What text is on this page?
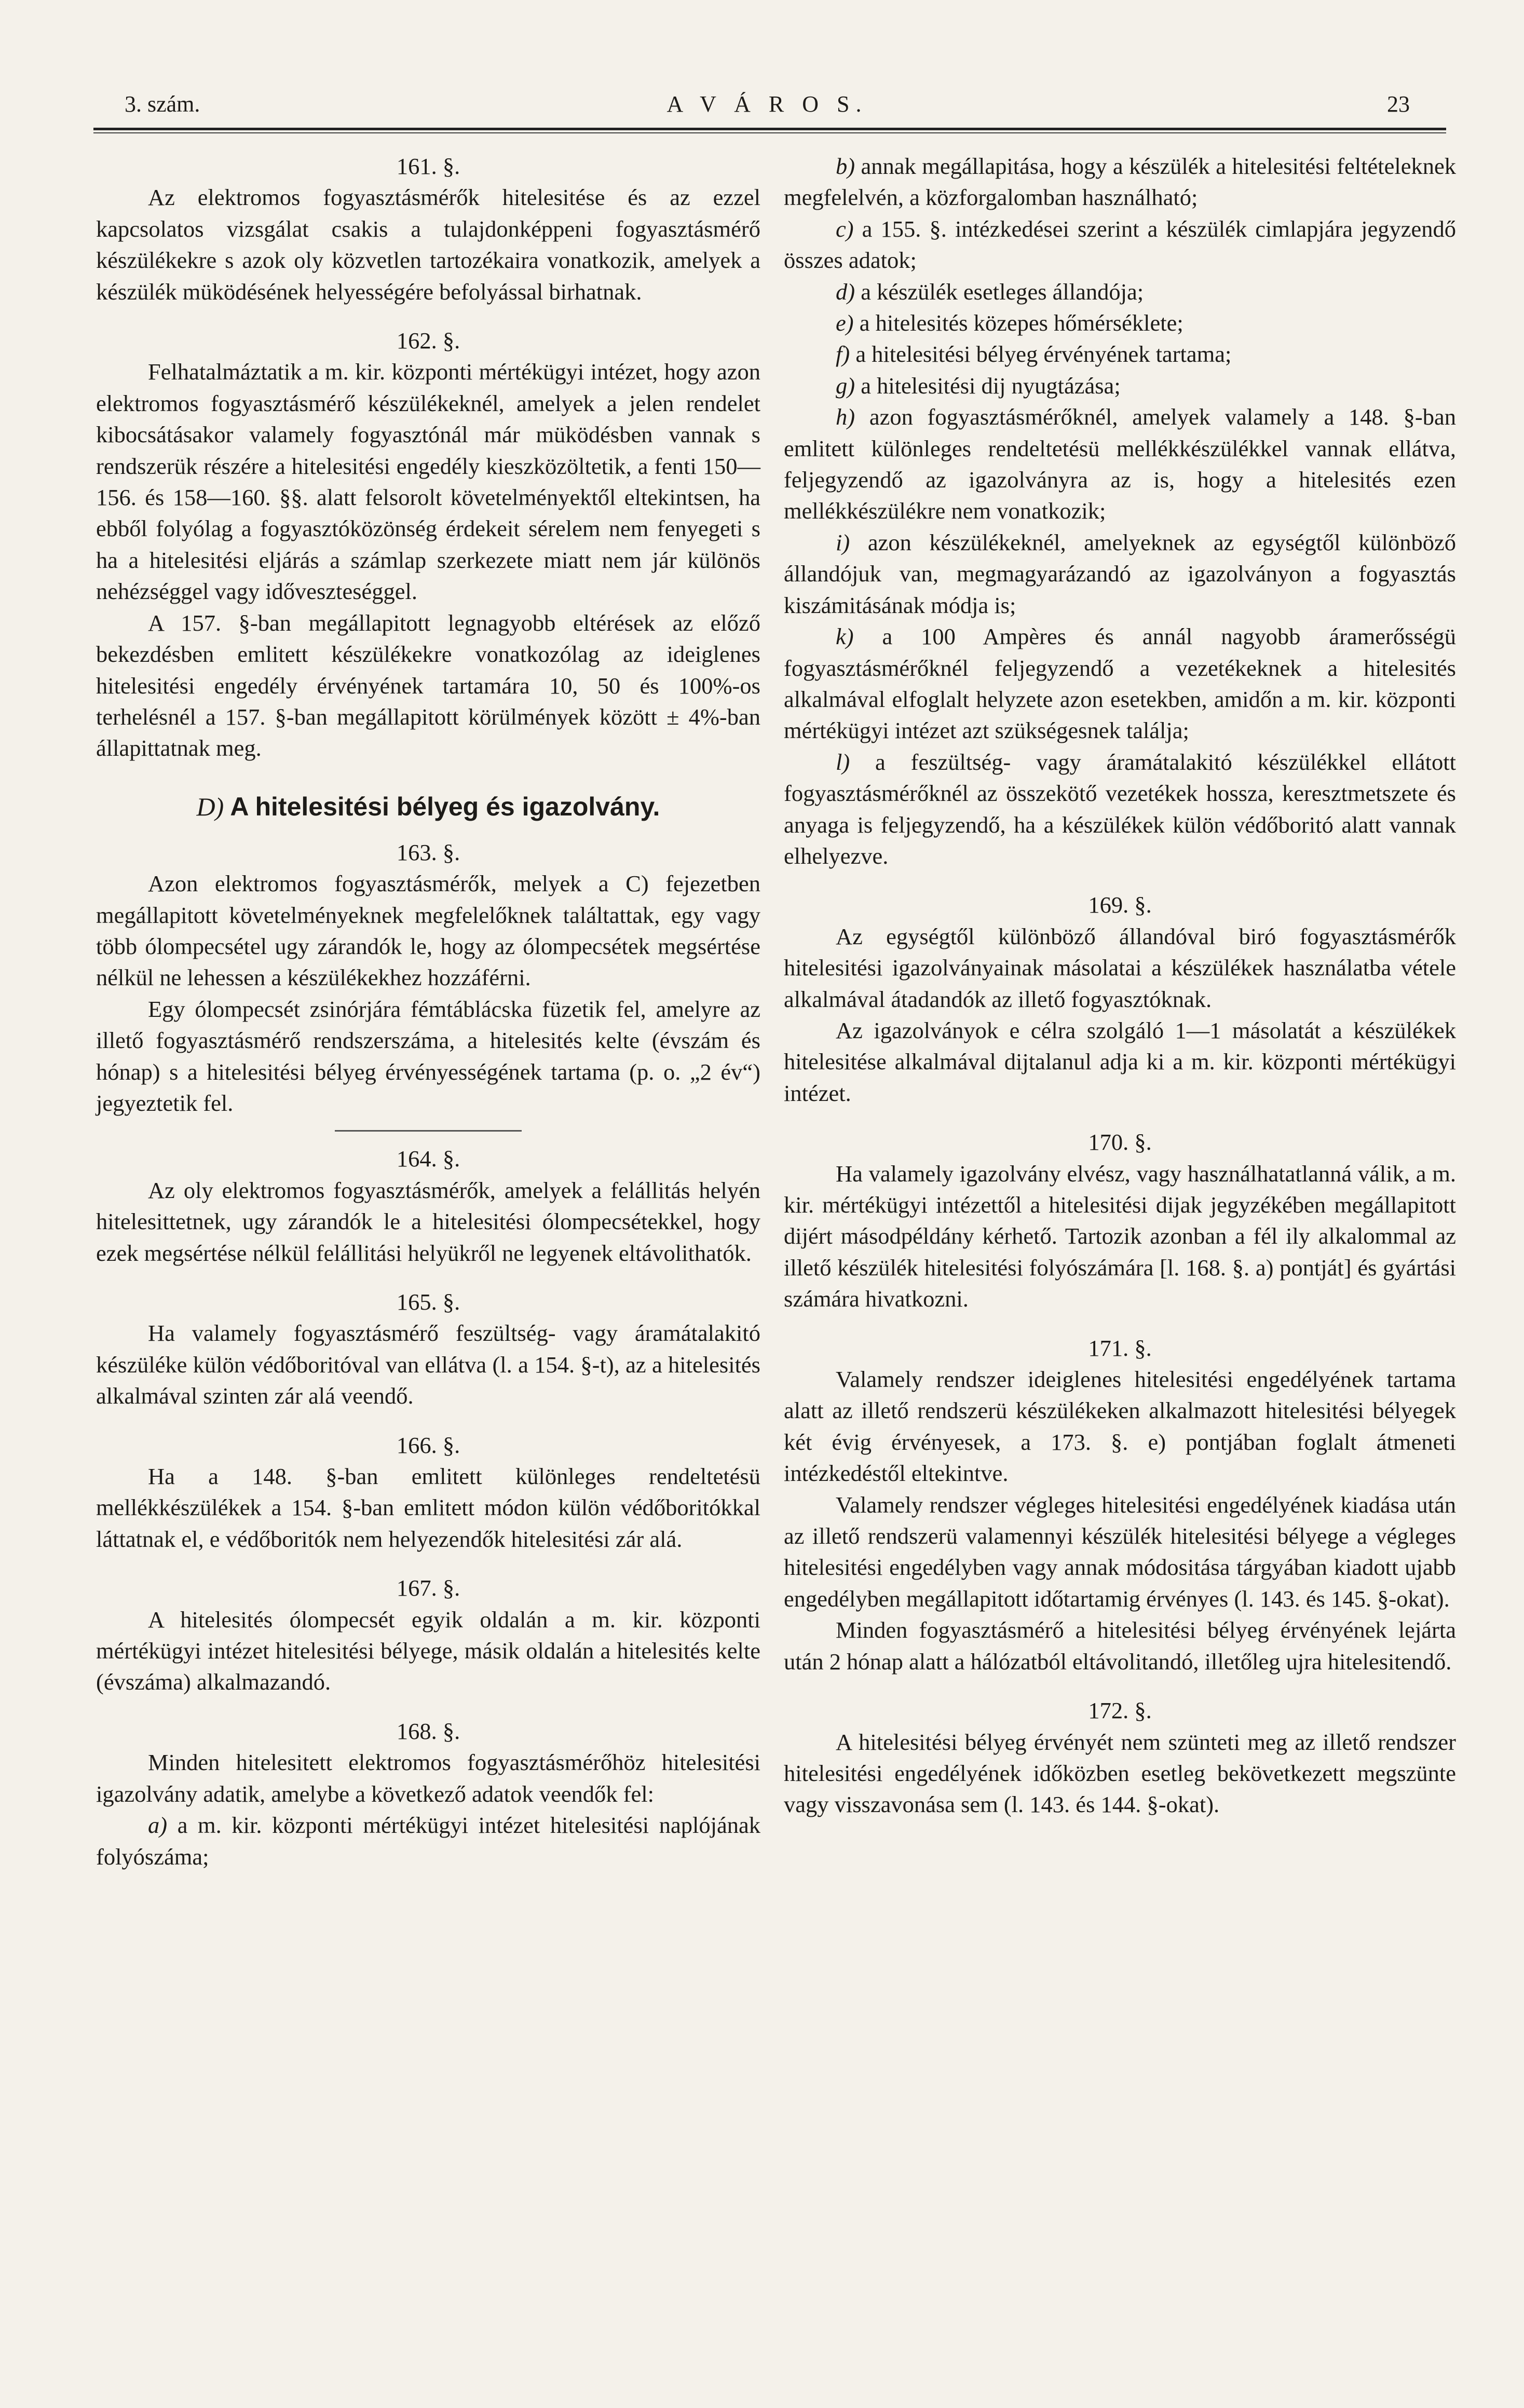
3. szám.	A V Á R O S.	23

161. §.

Az elektromos fogyasztásmérők hitelesitése és az ezzel kapcsolatos vizsgálat csakis a tulajdonképpeni fogyasztásmérő készülékekre s azok oly közvetlen tartozékaira vonatkozik, amelyek a készülék müködésének helyességére befolyással birhatnak.

162. §.

Felhatalmáztatik a m. kir. központi mértékügyi intézet, hogy azon elektromos fogyasztásmérő készülékeknél, amelyek a jelen rendelet kibocsátásakor valamely fogyasztónál már müködésben vannak s rendszerük részére a hitelesitési engedély kieszközöltetik, a fenti 150—156. és 158—160. §§. alatt felsorolt követelményektől eltekintsen, ha ebből folyólag a fogyasztóközönség érdekeit sérelem nem fenyegeti s ha a hitelesitési eljárás a számlap szerkezete miatt nem jár különös nehézséggel vagy időveszteséggel.

A 157. §-ban megállapitott legnagyobb eltérések az előző bekezdésben emlitett készülékekre vonatkozólag az ideiglenes hitelesitési engedély érvényének tartamára 10, 50 és 100%-os terhelésnél a 157. §-ban megállapitott körülmények között ± 4%-ban állapittatnak meg.

D) A hitelesitési bélyeg és igazolvány.

163. §.

Azon elektromos fogyasztásmérők, melyek a C) fejezetben megállapitott követelményeknek megfelelőknek találtattak, egy vagy több ólompecsétel ugy zárandók le, hogy az ólompecsétek megsértése nélkül ne lehessen a készülékekhez hozzáférni.

Egy ólompecsét zsinórjára fémtáblácska füzetik fel, amelyre az illető fogyasztásmérő rendszerszáma, a hitelesités kelte (évszám és hónap) s a hitelesitési bélyeg érvényességének tartama (p. o. „2 év“) jegyeztetik fel.

164. §.

Az oly elektromos fogyasztásmérők, amelyek a felállitás helyén hitelesittetnek, ugy zárandók le a hitelesitési ólompecsétekkel, hogy ezek megsértése nélkül felállitási helyükről ne legyenek eltávolithatók.

165. §.

Ha valamely fogyasztásmérő feszültség- vagy áramátalakitó készüléke külön védőboritóval van ellátva (l. a 154. §-t), az a hitelesités alkalmával szinten zár alá veendő.

166. §.

Ha a 148. §-ban emlitett különleges rendeltetésü mellékkészülékek a 154. §-ban emlitett módon külön védőboritókkal láttatnak el, e védőboritók nem helyezendők hitelesitési zár alá.

167. §.

A hitelesités ólompecsét egyik oldalán a m. kir. központi mértékügyi intézet hitelesitési bélyege, másik oldalán a hitelesités kelte (évszáma) alkalmazandó.

168. §.

Minden hitelesitett elektromos fogyasztásmérőhöz hitelesitési igazolvány adatik, amelybe a következő adatok veendők fel:

a) a m. kir. központi mértékügyi intézet hitelesitési naplójának folyószáma;

b) annak megállapitása, hogy a készülék a hitelesitési feltételeknek megfelelvén, a közforgalomban használható;

c) a 155. §. intézkedései szerint a készülék cimlapjára jegyzendő összes adatok;

d) a készülék esetleges állandója;

e) a hitelesités közepes hőmérséklete;

f) a hitelesitési bélyeg érvényének tartama;

g) a hitelesitési dij nyugtázása;

h) azon fogyasztásmérőknél, amelyek valamely a 148. §-ban emlitett különleges rendeltetésü mellékkészülékkel vannak ellátva, feljegyzendő az igazolványra az is, hogy a hitelesités ezen mellékkészülékre nem vonatkozik;

i) azon készülékeknél, amelyeknek az egységtől különböző állandójuk van, megmagyarázandó az igazolványon a fogyasztás kiszámitásának módja is;

k) a 100 Ampères és annál nagyobb áramerősségü fogyasztásmérőknél feljegyzendő a vezetékeknek a hitelesités alkalmával elfoglalt helyzete azon esetekben, amidőn a m. kir. központi mértékügyi intézet azt szükségesnek találja;

l) a feszültség- vagy áramátalakitó készülékkel ellátott fogyasztásmérőknél az összekötő vezetékek hossza, keresztmetszete és anyaga is feljegyzendő, ha a készülékek külön védőboritó alatt vannak elhelyezve.

169. §.

Az egységtől különböző állandóval biró fogyasztásmérők hitelesitési igazolványainak másolatai a készülékek használatba vétele alkalmával átadandók az illető fogyasztóknak.

Az igazolványok e célra szolgáló 1—1 másolatát a készülékek hitelesitése alkalmával dijtalanul adja ki a m. kir. központi mértékügyi intézet.

170. §.

Ha valamely igazolvány elvész, vagy használhatatlanná válik, a m. kir. mértékügyi intézettől a hitelesitési dijak jegyzékében megállapitott dijért másodpéldány kérhető. Tartozik azonban a fél ily alkalommal az illető készülék hitelesitési folyószámára [l. 168. §. a) pontját] és gyártási számára hivatkozni.

171. §.

Valamely rendszer ideiglenes hitelesitési engedélyének tartama alatt az illető rendszerü készülékeken alkalmazott hitelesitési bélyegek két évig érvényesek, a 173. §. e) pontjában foglalt átmeneti intézkedéstől eltekintve.

Valamely rendszer végleges hitelesitési engedélyének kiadása után az illető rendszerü valamennyi készülék hitelesitési bélyege a végleges hitelesitési engedélyben vagy annak módositása tárgyában kiadott ujabb engedélyben megállapitott időtartamig érvényes (l. 143. és 145. §-okat).

Minden fogyasztásmérő a hitelesitési bélyeg érvényének lejárta után 2 hónap alatt a hálózatból eltávolitandó, illetőleg ujra hitelesitendő.

172. §.

A hitelesitési bélyeg érvényét nem szünteti meg az illető rendszer hitelesitési engedélyének időközben esetleg bekövetkezett megszünte vagy visszavonása sem (l. 143. és 144. §-okat).
